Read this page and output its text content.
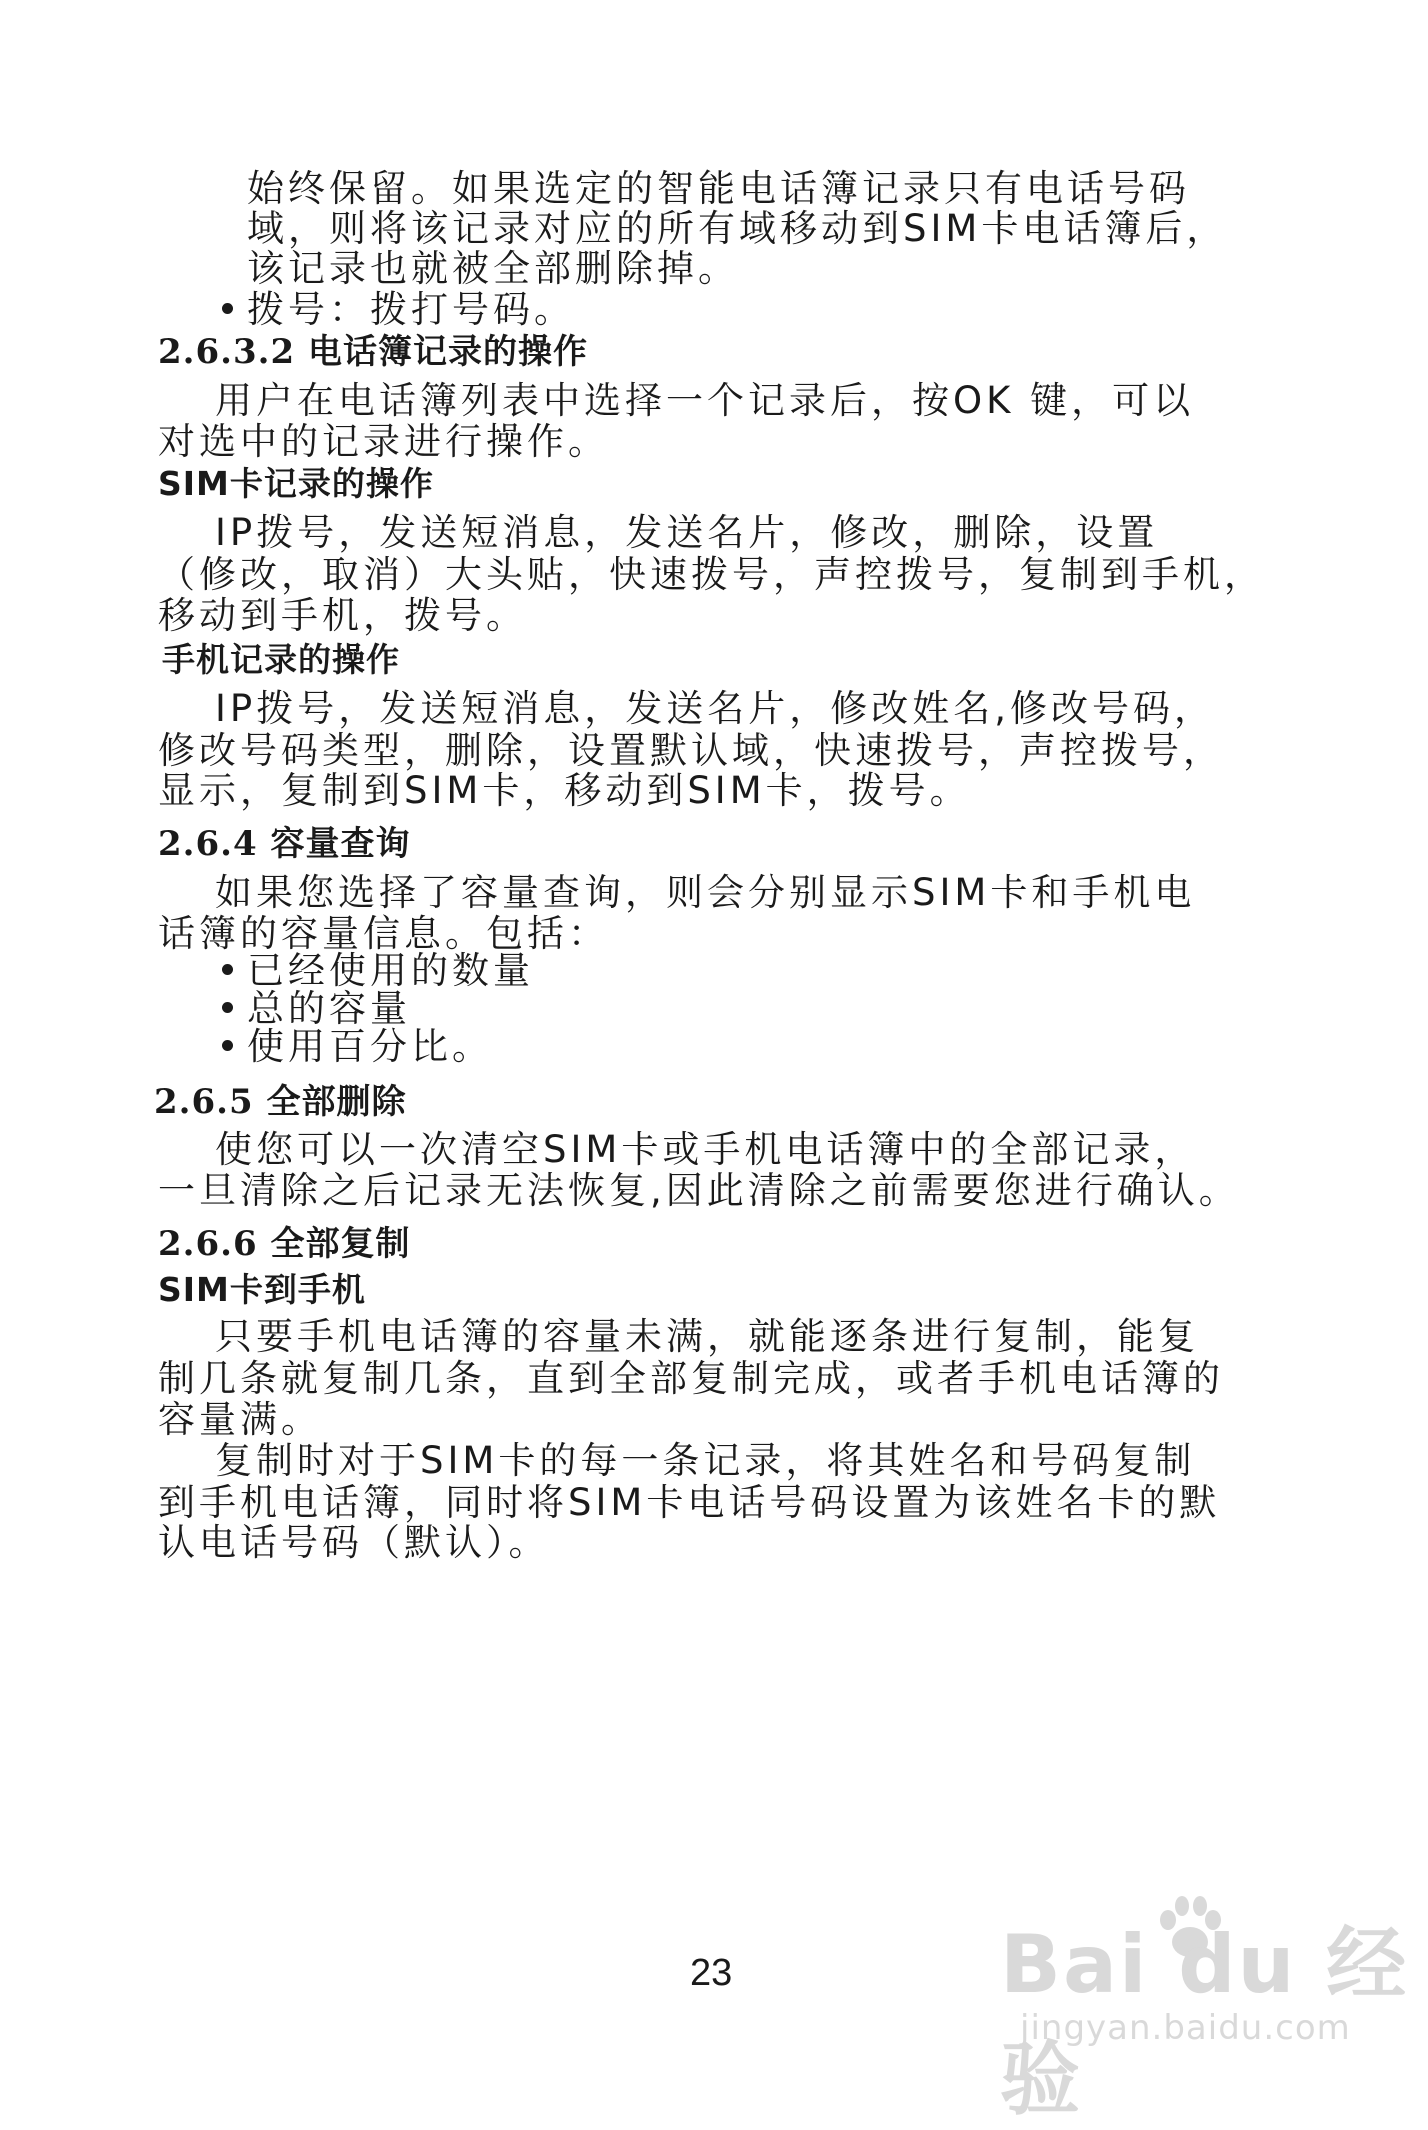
始终保留。如果选定的智能电话簿记录只有电话号码
域，则将该记录对应的所有域移动到SIM卡电话簿后，
该记录也就被全部删除掉。
拨号：拨打号码。
2.6.3.2 电话簿记录的操作
用户在电话簿列表中选择一个记录后，按OK 键，可以
对选中的记录进行操作。
SIM卡记录的操作
IP拨号，发送短消息，发送名片，修改，删除，设置
（修改，取消）大头贴，快速拨号，声控拨号，复制到手机，
移动到手机，拨号。
手机记录的操作
IP拨号，发送短消息，发送名片，修改姓名,修改号码，
修改号码类型，删除，设置默认域，快速拨号，声控拨号，
显示，复制到SIM卡，移动到SIM卡，拨号。
2.6.4 容量查询
如果您选择了容量查询，则会分别显示SIM卡和手机电
话簿的容量信息。包括：
已经使用的数量
总的容量
使用百分比。
2.6.5 全部删除
使您可以一次清空SIM卡或手机电话簿中的全部记录，
一旦清除之后记录无法恢复,因此清除之前需要您进行确认。
2.6.6 全部复制
SIM卡到手机
只要手机电话簿的容量未满，就能逐条进行复制，能复
制几条就复制几条，直到全部复制完成，或者手机电话簿的
容量满。
复制时对于SIM卡的每一条记录，将其姓名和号码复制
到手机电话簿，同时将SIM卡电话号码设置为该姓名卡的默
认电话号码（默认）。
23	Bai du 经验
jingyan.baidu.com
